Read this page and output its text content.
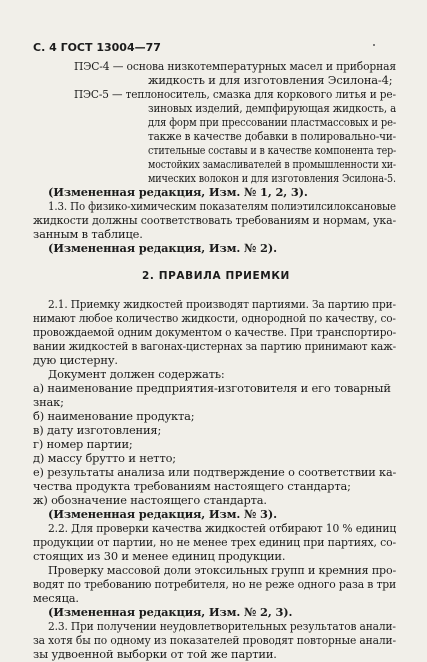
С. 4 ГОСТ 13004—77
ПЭС-4 — основа низкотемпературных масел и приборная
жидкость и для изготовления Эсилона-4;
ПЭС-5 — теплоноситель, смазка для коркового литья и ре-
зиновых изделий, демпфирующая жидкость, а
для форм при прессовании пластмассовых и ре-
также в качестве добавки в полировально-чи-
стительные составы и в качестве компонента тер-
мостойких замасливателей в промышленности хи-
мических волокон и для изготовления Эсилона-5.
(Измененная редакция, Изм. № 1, 2, 3).
1.3. По физико-химическим показателям полиэтилсилоксановые
жидкости должны соответствовать требованиям и нормам, ука-
занным в таблице.
(Измененная редакция, Изм. № 2).
2. ПРАВИЛА ПРИЕМКИ
2.1. Приемку жидкостей производят партиями. За партию при-
нимают любое количество жидкости, однородной по качеству, со-
провождаемой одним документом о качестве. При транспортиро-
вании жидкостей в вагонах-цистернах за партию принимают каж-
дую цистерну.
Документ должен содержать:
а) наименование предприятия-изготовителя и его товарный
знак;
б) наименование продукта;
в) дату изготовления;
г) номер партии;
д) массу брутто и нетто;
е) результаты анализа или подтверждение о соответствии ка-
чества продукта требованиям настоящего стандарта;
ж) обозначение настоящего стандарта.
(Измененная редакция, Изм. № 3).
2.2. Для проверки качества жидкостей отбирают 10 % единиц
продукции от партии, но не менее трех единиц при партиях, со-
стоящих из 30 и менее единиц продукции.
Проверку массовой доли этоксильных групп и кремния про-
водят по требованию потребителя, но не реже одного раза в три
месяца.
(Измененная редакция, Изм. № 2, 3).
2.3. При получении неудовлетворительных результатов анали-
за хотя бы по одному из показателей проводят повторные анали-
зы удвоенной выборки от той же партии.
